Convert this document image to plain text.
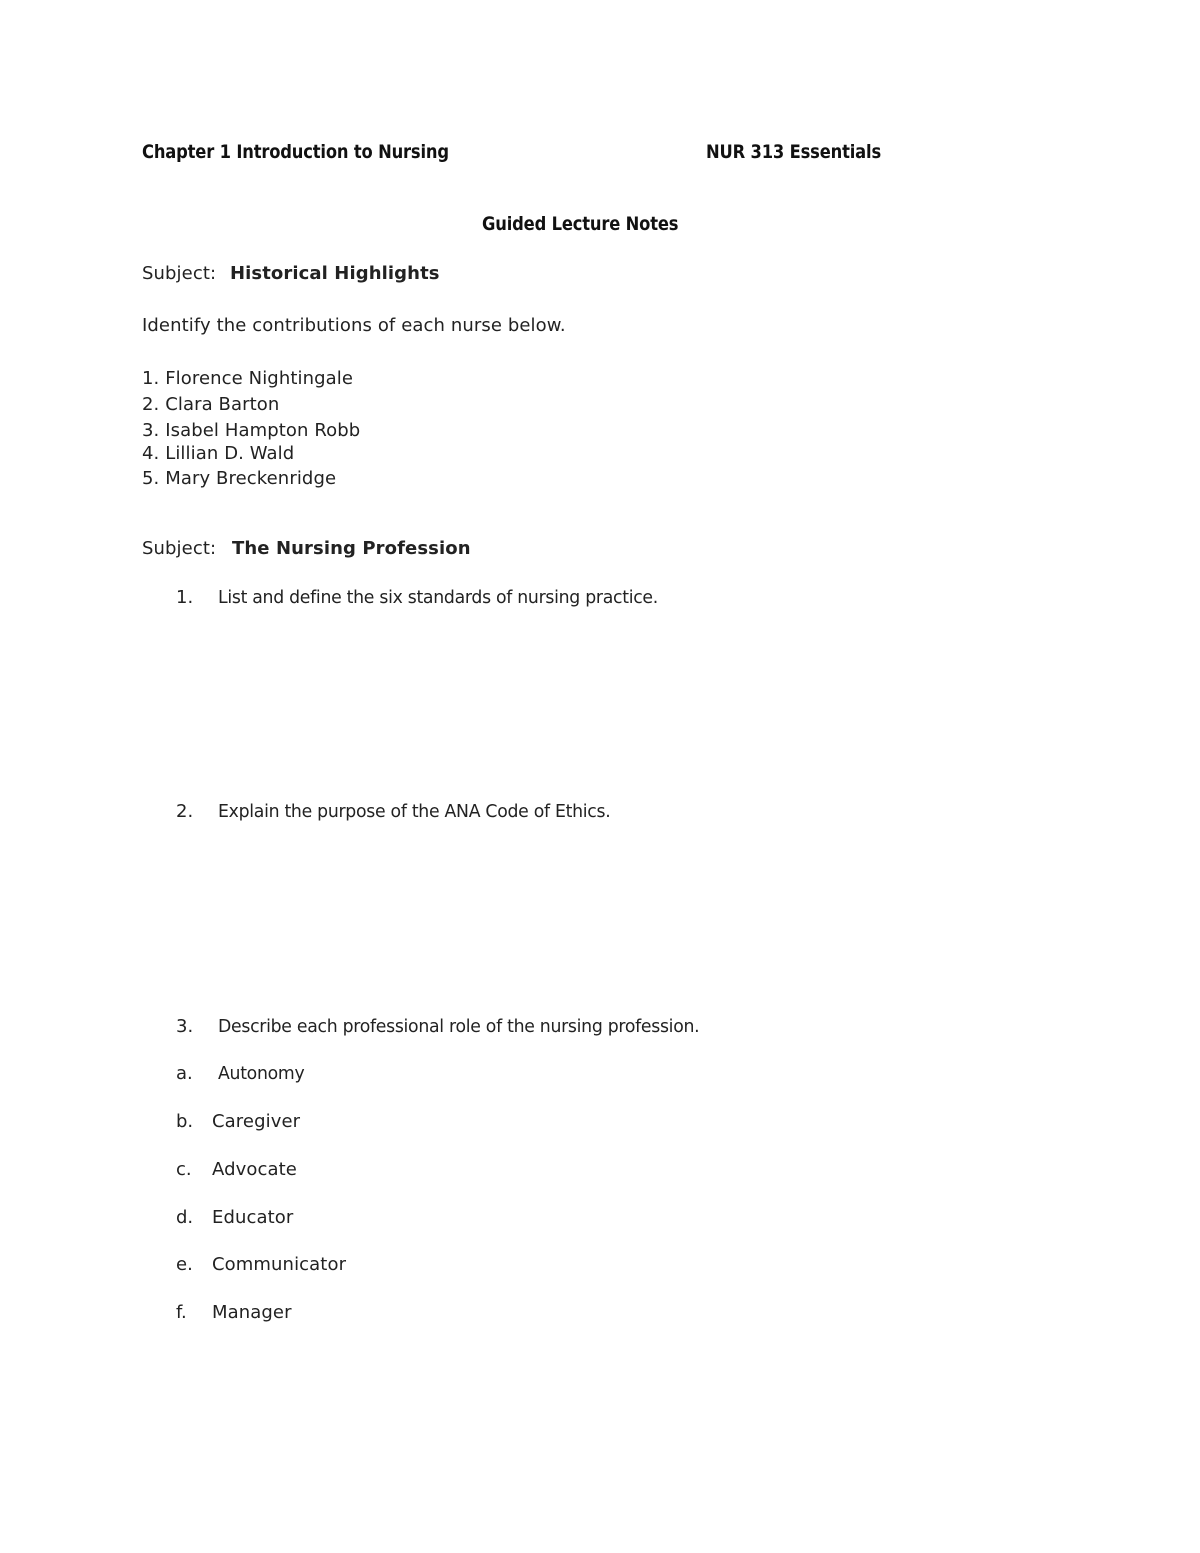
Chapter 1 Introduction to Nursing	NUR 313 Essentials
Guided Lecture Notes
Subject: Historical Highlights
Identify the contributions of each nurse below.
1. Florence Nightingale
2. Clara Barton
3. Isabel Hampton Robb
4. Lillian D. Wald
5. Mary Breckenridge
Subject: The Nursing Profession
1. List and define the six standards of nursing practice.
2. Explain the purpose of the ANA Code of Ethics.
3. Describe each professional role of the nursing profession.
a. Autonomy
b. Caregiver
c. Advocate
d. Educator
e. Communicator
f. Manager
